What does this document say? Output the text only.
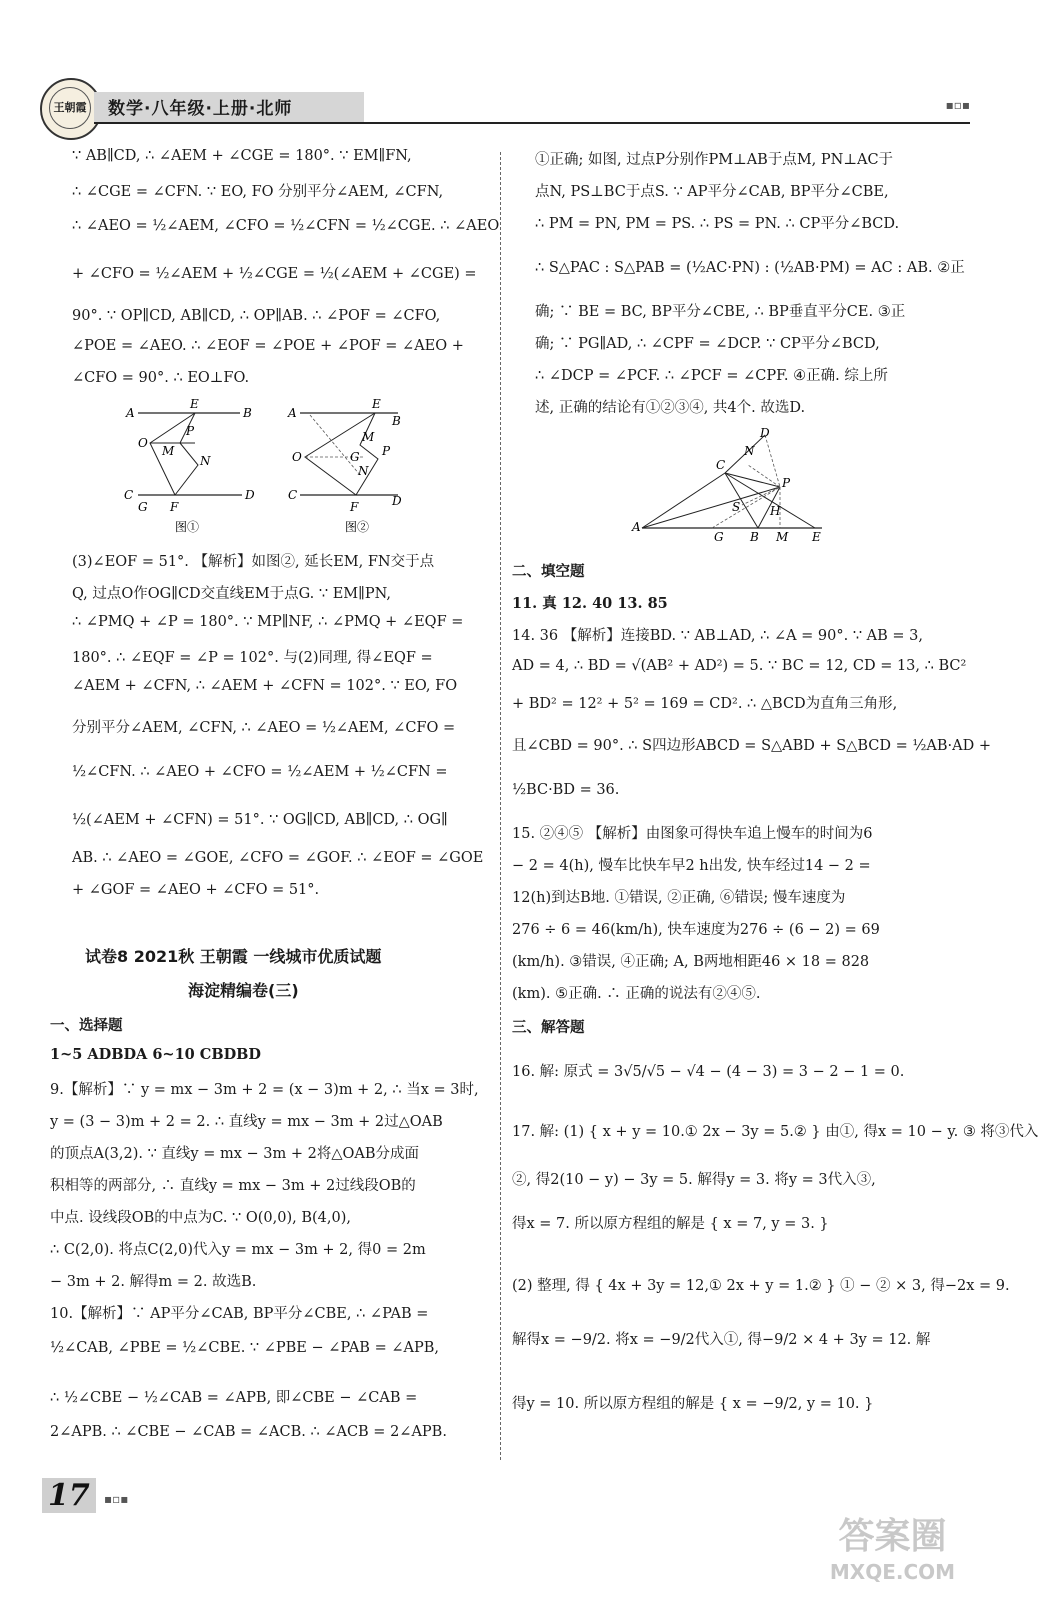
王朝霞 数学·八年级·上册·北师	▪▫▪
∵ AB∥CD, ∴ ∠AEM + ∠CGE = 180°. ∵ EM∥FN,
∴ ∠CGE = ∠CFN. ∵ EO, FO 分别平分∠AEM, ∠CFN,
∴ ∠AEO = ½∠AEM, ∠CFO = ½∠CFN = ½∠CGE. ∴ ∠AEO
+ ∠CFO = ½∠AEM + ½∠CGE = ½(∠AEM + ∠CGE) =
90°. ∵ OP∥CD, AB∥CD, ∴ OP∥AB. ∴ ∠POF = ∠CFO,
∠POE = ∠AEO. ∴ ∠EOF = ∠POE + ∠POF = ∠AEO +
∠CFO = 90°. ∴ EO⊥FO.
A
E
B
O
P
M
N
C
G F
D
图①
A
E
B
O
M
G P
N
C
F	D
图②
(3)∠EOF = 51°. 【解析】如图②, 延长EM, FN交于点
Q, 过点O作OG∥CD交直线EM于点G. ∵ EM∥PN,
∴ ∠PMQ + ∠P = 180°. ∵ MP∥NF, ∴ ∠PMQ + ∠EQF =
180°. ∴ ∠EQF = ∠P = 102°. 与(2)同理, 得∠EQF =
∠AEM + ∠CFN, ∴ ∠AEM + ∠CFN = 102°. ∵ EO, FO
分别平分∠AEM, ∠CFN, ∴ ∠AEO = ½∠AEM, ∠CFO =
½∠CFN. ∴ ∠AEO + ∠CFO = ½∠AEM + ½∠CFN =
½(∠AEM + ∠CFN) = 51°. ∵ OG∥CD, AB∥CD, ∴ OG∥
AB. ∴ ∠AEO = ∠GOE, ∠CFO = ∠GOF. ∴ ∠EOF = ∠GOE
+ ∠GOF = ∠AEO + ∠CFO = 51°.
试卷8 2021秋 王朝霞 一线城市优质试题
海淀精编卷(三)
一、选择题
1~5 ADBDA 6~10 CBDBD
9.【解析】∵ y = mx − 3m + 2 = (x − 3)m + 2, ∴ 当x = 3时,
y = (3 − 3)m + 2 = 2. ∴ 直线y = mx − 3m + 2过△OAB
的顶点A(3,2). ∵ 直线y = mx − 3m + 2将△OAB分成面
积相等的两部分, ∴ 直线y = mx − 3m + 2过线段OB的
中点. 设线段OB的中点为C. ∵ O(0,0), B(4,0),
∴ C(2,0). 将点C(2,0)代入y = mx − 3m + 2, 得0 = 2m
− 3m + 2. 解得m = 2. 故选B.
10.【解析】∵ AP平分∠CAB, BP平分∠CBE, ∴ ∠PAB =
½∠CAB, ∠PBE = ½∠CBE. ∵ ∠PBE − ∠PAB = ∠APB,
∴ ½∠CBE − ½∠CAB = ∠APB, 即∠CBE − ∠CAB =
2∠APB. ∴ ∠CBE − ∠CAB = ∠ACB. ∴ ∠ACB = 2∠APB.
①正确; 如图, 过点P分别作PM⊥AB于点M, PN⊥AC于
点N, PS⊥BC于点S. ∵ AP平分∠CAB, BP平分∠CBE,
∴ PM = PN, PM = PS. ∴ PS = PN. ∴ CP平分∠BCD.
∴ S△PAC : S△PAB = (½AC·PN) : (½AB·PM) = AC : AB. ②正
确; ∵ BE = BC, BP平分∠CBE, ∴ BP垂直平分CE. ③正
确; ∵ PG∥AD, ∴ ∠CPF = ∠DCP. ∵ CP平分∠BCD,
∴ ∠DCP = ∠PCF. ∴ ∠PCF = ∠CPF. ④正确. 综上所
述, 正确的结论有①②③④, 共4个. 故选D.
D
N
C
P
S H
A
G B M E
二、填空题
11. 真 12. 40 13. 85
14. 36 【解析】连接BD. ∵ AB⊥AD, ∴ ∠A = 90°. ∵ AB = 3,
AD = 4, ∴ BD = √(AB² + AD²) = 5. ∵ BC = 12, CD = 13, ∴ BC²
+ BD² = 12² + 5² = 169 = CD². ∴ △BCD为直角三角形,
且∠CBD = 90°. ∴ S四边形ABCD = S△ABD + S△BCD = ½AB·AD +
½BC·BD = 36.
15. ②④⑤ 【解析】由图象可得快车追上慢车的时间为6
− 2 = 4(h), 慢车比快车早2 h出发, 快车经过14 − 2 =
12(h)到达B地. ①错误, ②正确, ⑥错误; 慢车速度为
276 ÷ 6 = 46(km/h), 快车速度为276 ÷ (6 − 2) = 69
(km/h). ③错误, ④正确; A, B两地相距46 × 18 = 828
(km). ⑤正确. ∴ 正确的说法有②④⑤.
三、解答题
16. 解: 原式 = 3√5/√5 − √4 − (4 − 3) = 3 − 2 − 1 = 0.
17. 解: (1) { x + y = 10.① 2x − 3y = 5.② } 由①, 得x = 10 − y. ③ 将③代入
②, 得2(10 − y) − 3y = 5. 解得y = 3. 将y = 3代入③,
得x = 7. 所以原方程组的解是 { x = 7, y = 3. }
(2) 整理, 得 { 4x + 3y = 12,① 2x + y = 1.② } ① − ② × 3, 得−2x = 9.
解得x = −9/2. 将x = −9/2代入①, 得−9/2 × 4 + 3y = 12. 解
得y = 10. 所以原方程组的解是 { x = −9/2, y = 10. }
17	▪▫▪
答案圈
MXQE.COM
